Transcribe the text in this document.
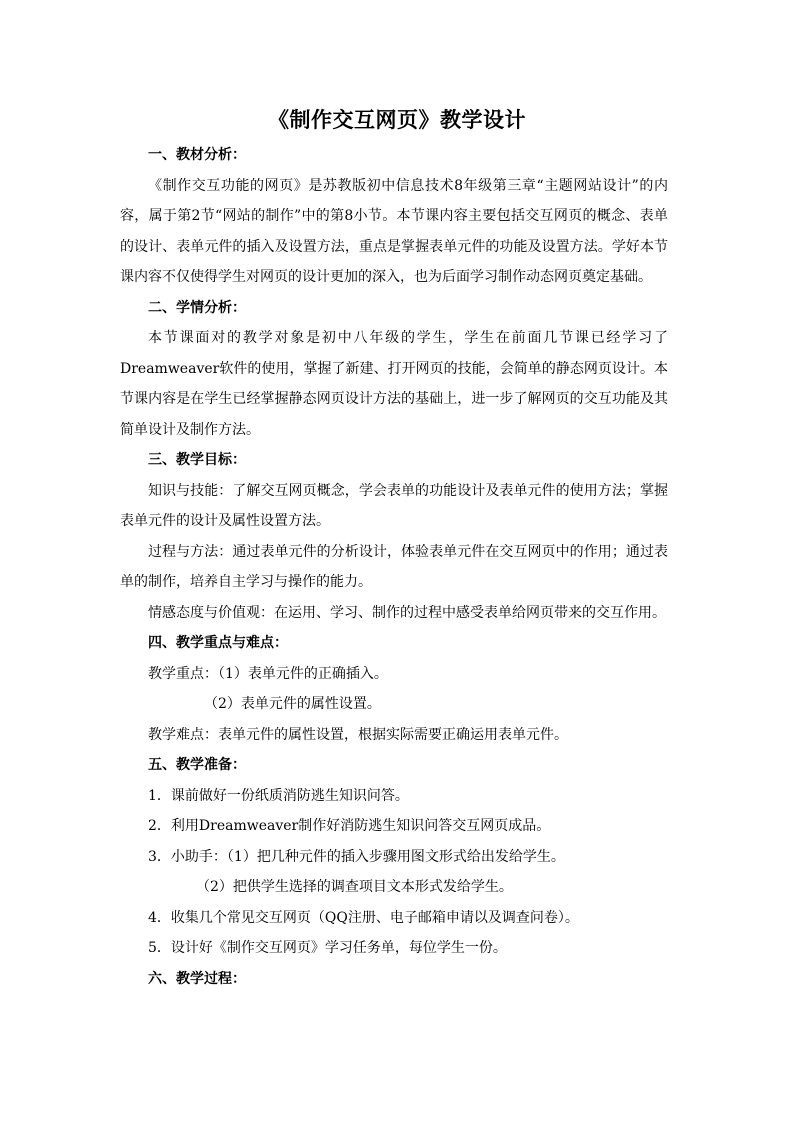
《制作交互网页》教学设计

一、教材分析：

《制作交互功能的网页》是苏教版初中信息技术8年级第三章“主题网站设计”的内容，属于第2节“网站的制作”中的第8小节。本节课内容主要包括交互网页的概念、表单的设计、表单元件的插入及设置方法，重点是掌握表单元件的功能及设置方法。学好本节课内容不仅使得学生对网页的设计更加的深入，也为后面学习制作动态网页奠定基础。

二、学情分析：

本节课面对的教学对象是初中八年级的学生，学生在前面几节课已经学习了Dreamweaver软件的使用，掌握了新建、打开网页的技能，会简单的静态网页设计。本节课内容是在学生已经掌握静态网页设计方法的基础上，进一步了解网页的交互功能及其简单设计及制作方法。

三、教学目标：

知识与技能：了解交互网页概念，学会表单的功能设计及表单元件的使用方法；掌握表单元件的设计及属性设置方法。

过程与方法：通过表单元件的分析设计，体验表单元件在交互网页中的作用；通过表单的制作，培养自主学习与操作的能力。

情感态度与价值观：在运用、学习、制作的过程中感受表单给网页带来的交互作用。

四、教学重点与难点：

教学重点：（1）表单元件的正确插入。

（2）表单元件的属性设置。

教学难点：表单元件的属性设置，根据实际需要正确运用表单元件。

五、教学准备：

1．课前做好一份纸质消防逃生知识问答。

2．利用Dreamweaver制作好消防逃生知识问答交互网页成品。

3．小助手：（1）把几种元件的插入步骤用图文形式给出发给学生。

（2）把供学生选择的调查项目文本形式发给学生。

4．收集几个常见交互网页（QQ注册、电子邮箱申请以及调查问卷）。

5．设计好《制作交互网页》学习任务单，每位学生一份。

六、教学过程：
